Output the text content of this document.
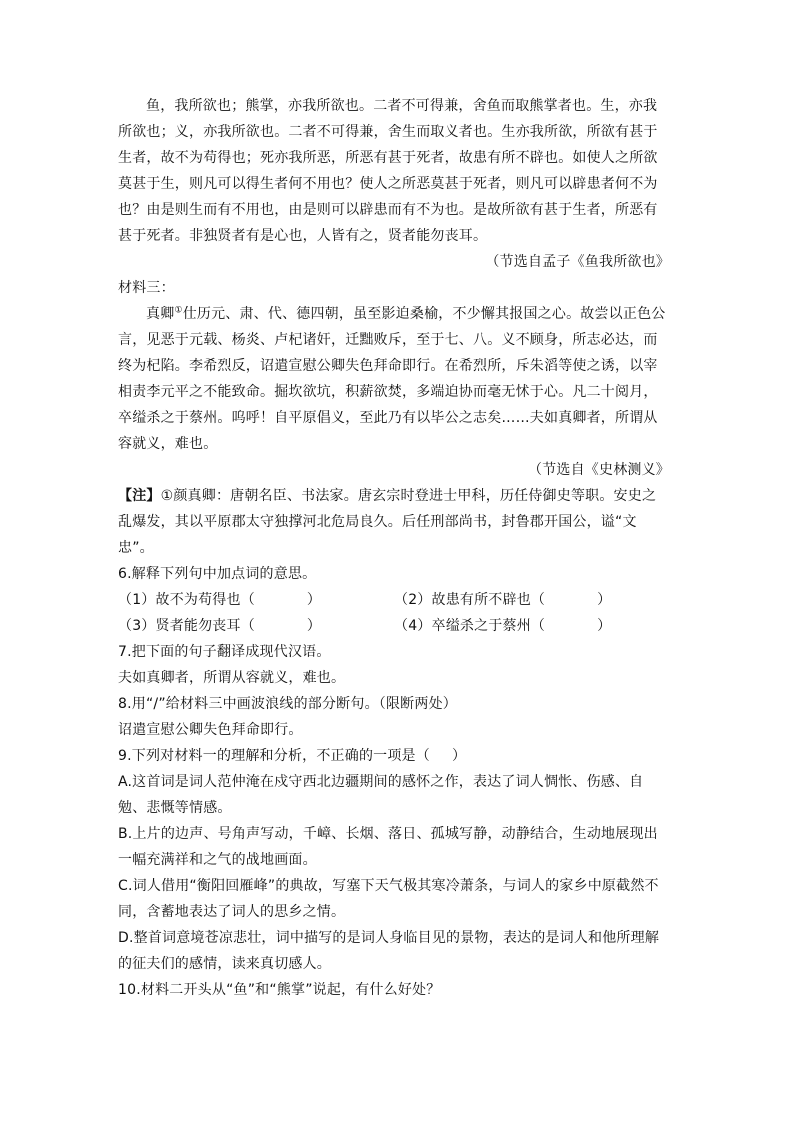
鱼，我所欲也；熊掌，亦我所欲也。二者不可得兼，舍鱼而取熊掌者也。生，亦我所欲也；义，亦我所欲也。二者不可得兼，舍生而取义者也。生亦我所欲，所欲有甚于生者，故不为苟得也；死亦我所恶，所恶有甚于死者，故患有所不辟也。如使人之所欲莫甚于生，则凡可以得生者何不用也？使人之所恶莫甚于死者，则凡可以辟患者何不为也？由是则生而有不用也，由是则可以辟患而有不为也。是故所欲有甚于生者，所恶有甚于死者。非独贤者有是心也，人皆有之，贤者能勿丧耳。

（节选自孟子《鱼我所欲也》

材料三：

真卿①仕历元、肃、代、德四朝，虽至影迫桑榆，不少懈其报国之心。故尝以正色公言，见恶于元载、杨炎、卢杞诸奸，迁黜败斥，至于七、八。义不顾身，所志必达，而终为杞陷。李希烈反，诏遣宣慰公卿失色拜命即行。在希烈所，斥朱滔等使之诱，以宰相责李元平之不能致命。掘坎欲坑，积薪欲焚，多端迫协而毫无怵于心。凡二十阅月，卒缢杀之于蔡州。呜呼！自平原倡义，至此乃有以毕公之志矣……夫如真卿者，所谓从容就义，难也。

（节选自《史林测义》

【注】①颜真卿：唐朝名臣、书法家。唐玄宗时登进士甲科，历任侍御史等职。安史之乱爆发，其以平原郡太守独撑河北危局良久。后任刑部尚书，封鲁郡开国公，谥“文忠”。

6.解释下列句中加点词的意思。

（1）故不为苟得也（	）	（2）故患有所不辟也（	）
（3）贤者能勿丧耳（	）	（4）卒缢杀之于蔡州（	）

7.把下面的句子翻译成现代汉语。

夫如真卿者，所谓从容就义，难也。

8.用“/”给材料三中画波浪线的部分断句。（限断两处）

诏遣宣慰公卿失色拜命即行。

9.下列对材料一的理解和分析，不正确的一项是（ ）

A.这首词是词人范仲淹在戍守西北边疆期间的感怀之作，表达了词人惆怅、伤感、自勉、悲慨等情感。

B.上片的边声、号角声写动，千嶂、长烟、落日、孤城写静，动静结合，生动地展现出一幅充满祥和之气的战地画面。

C.词人借用“衡阳回雁峰”的典故，写塞下天气极其寒冷萧条，与词人的家乡中原截然不同，含蓄地表达了词人的思乡之情。

D.整首词意境苍凉悲壮，词中描写的是词人身临目见的景物，表达的是词人和他所理解的征夫们的感情，读来真切感人。

10.材料二开头从“鱼”和“熊掌”说起，有什么好处？
